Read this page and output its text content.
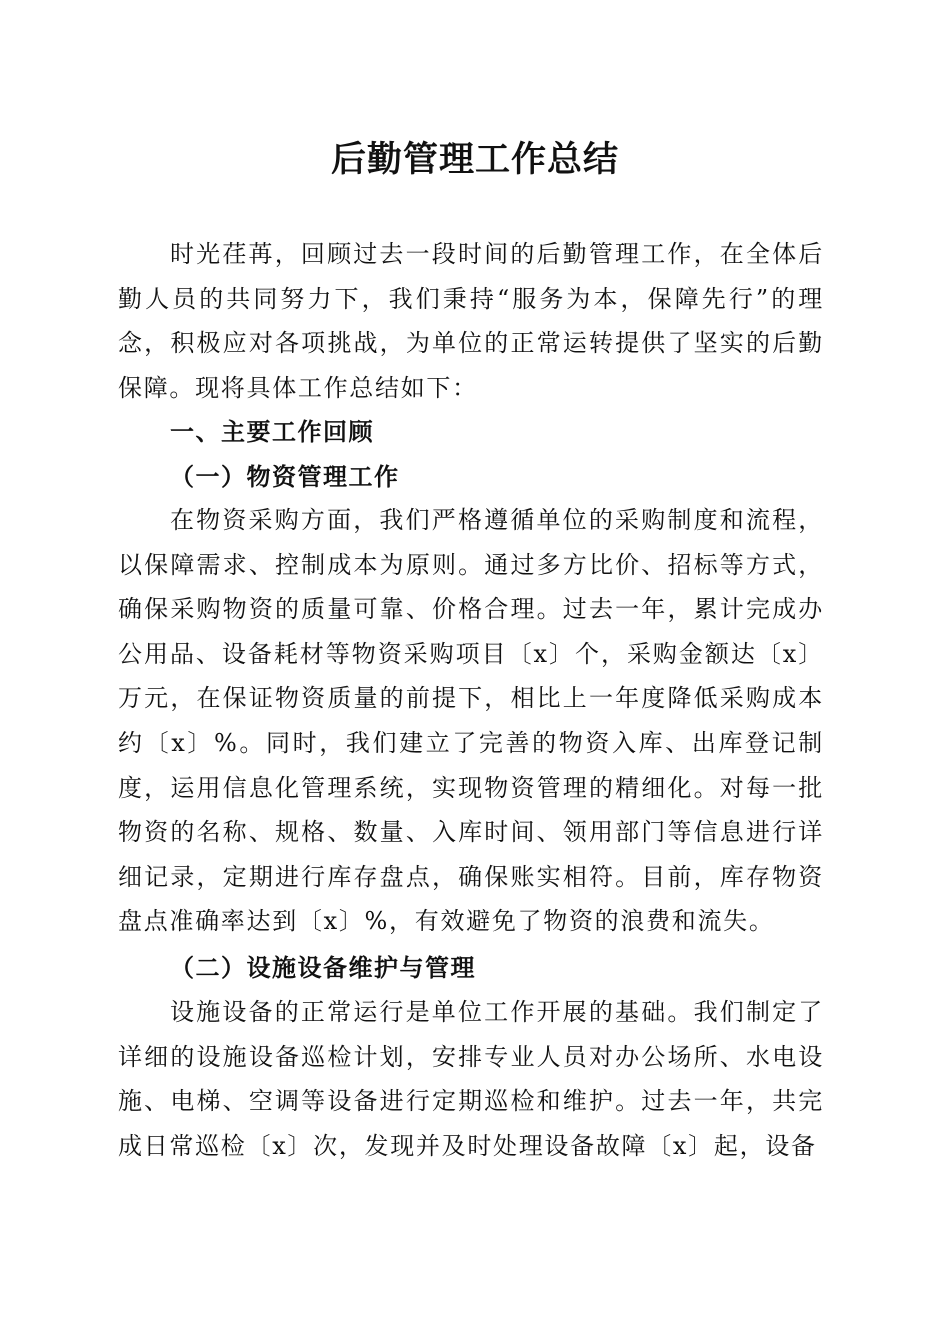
后勤管理工作总结

时光荏苒，回顾过去一段时间的后勤管理工作，在全体后勤人员的共同努力下，我们秉持“服务为本，保障先行”的理念，积极应对各项挑战，为单位的正常运转提供了坚实的后勤保障。现将具体工作总结如下：

一、主要工作回顾
（一）物资管理工作

在物资采购方面，我们严格遵循单位的采购制度和流程，以保障需求、控制成本为原则。通过多方比价、招标等方式，确保采购物资的质量可靠、价格合理。过去一年，累计完成办公用品、设备耗材等物资采购项目〔x〕个，采购金额达〔x〕万元，在保证物资质量的前提下，相比上一年度降低采购成本约〔x〕%。同时，我们建立了完善的物资入库、出库登记制度，运用信息化管理系统，实现物资管理的精细化。对每一批物资的名称、规格、数量、入库时间、领用部门等信息进行详细记录，定期进行库存盘点，确保账实相符。目前，库存物资盘点准确率达到〔x〕%，有效避免了物资的浪费和流失。

（二）设施设备维护与管理

设施设备的正常运行是单位工作开展的基础。我们制定了详细的设施设备巡检计划，安排专业人员对办公场所、水电设施、电梯、空调等设备进行定期巡检和维护。过去一年，共完成日常巡检〔x〕次，发现并及时处理设备故障〔x〕起，设备
